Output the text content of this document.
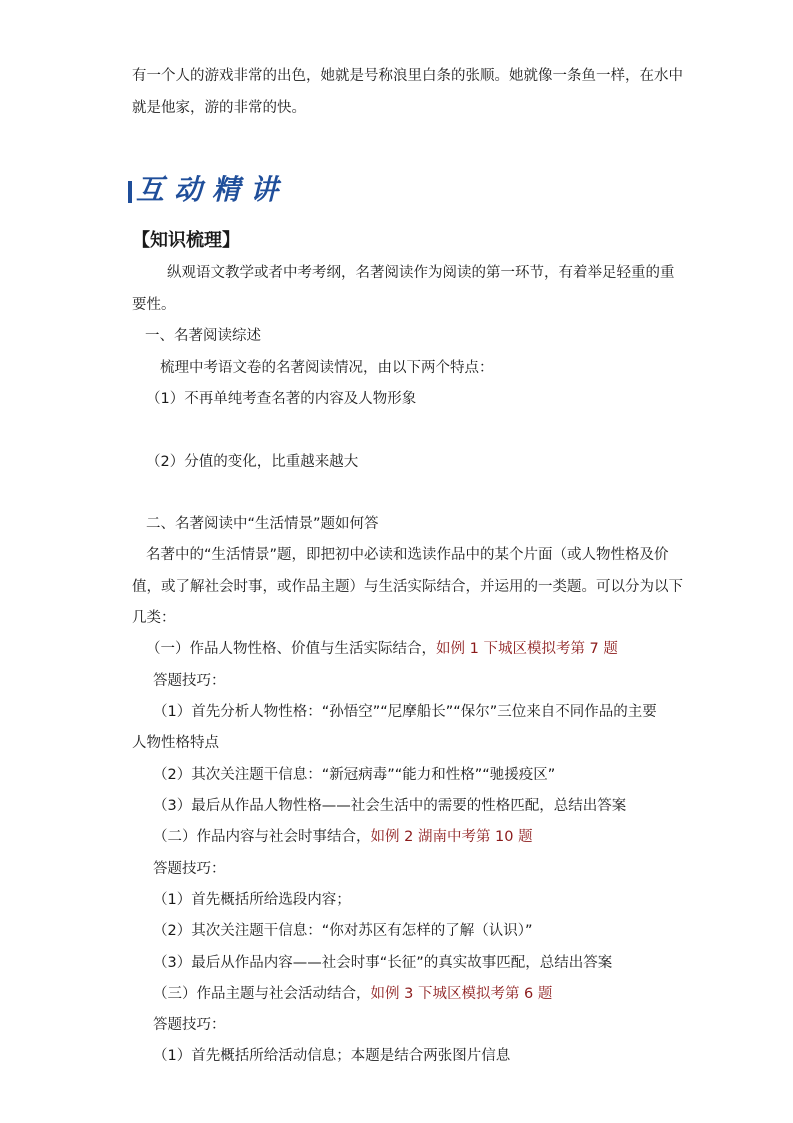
有一个人的游戏非常的出色，她就是号称浪里白条的张顺。她就像一条鱼一样，在水中
就是他家，游的非常的快。
互动精讲
【知识梳理】
纵观语文教学或者中考考纲，名著阅读作为阅读的第一环节，有着举足轻重的重
要性。
一、名著阅读综述
梳理中考语文卷的名著阅读情况，由以下两个特点：
（1）不再单纯考查名著的内容及人物形象
（2）分值的变化，比重越来越大
二、名著阅读中“生活情景”题如何答
名著中的“生活情景”题，即把初中必读和选读作品中的某个片面（或人物性格及价
值，或了解社会时事，或作品主题）与生活实际结合，并运用的一类题。可以分为以下
几类：
（一）作品人物性格、价值与生活实际结合，如例 1 下城区模拟考第 7 题
答题技巧：
（1）首先分析人物性格：“孙悟空”“尼摩船长”“保尔”三位来自不同作品的主要
人物性格特点
（2）其次关注题干信息：“新冠病毒”“能力和性格”“驰援疫区”
（3）最后从作品人物性格——社会生活中的需要的性格匹配，总结出答案
（二）作品内容与社会时事结合，如例 2 湖南中考第 10 题
答题技巧：
（1）首先概括所给选段内容；
（2）其次关注题干信息：“你对苏区有怎样的了解（认识）”
（3）最后从作品内容——社会时事“长征”的真实故事匹配，总结出答案
（三）作品主题与社会活动结合，如例 3 下城区模拟考第 6 题
答题技巧：
（1）首先概括所给活动信息；本题是结合两张图片信息
